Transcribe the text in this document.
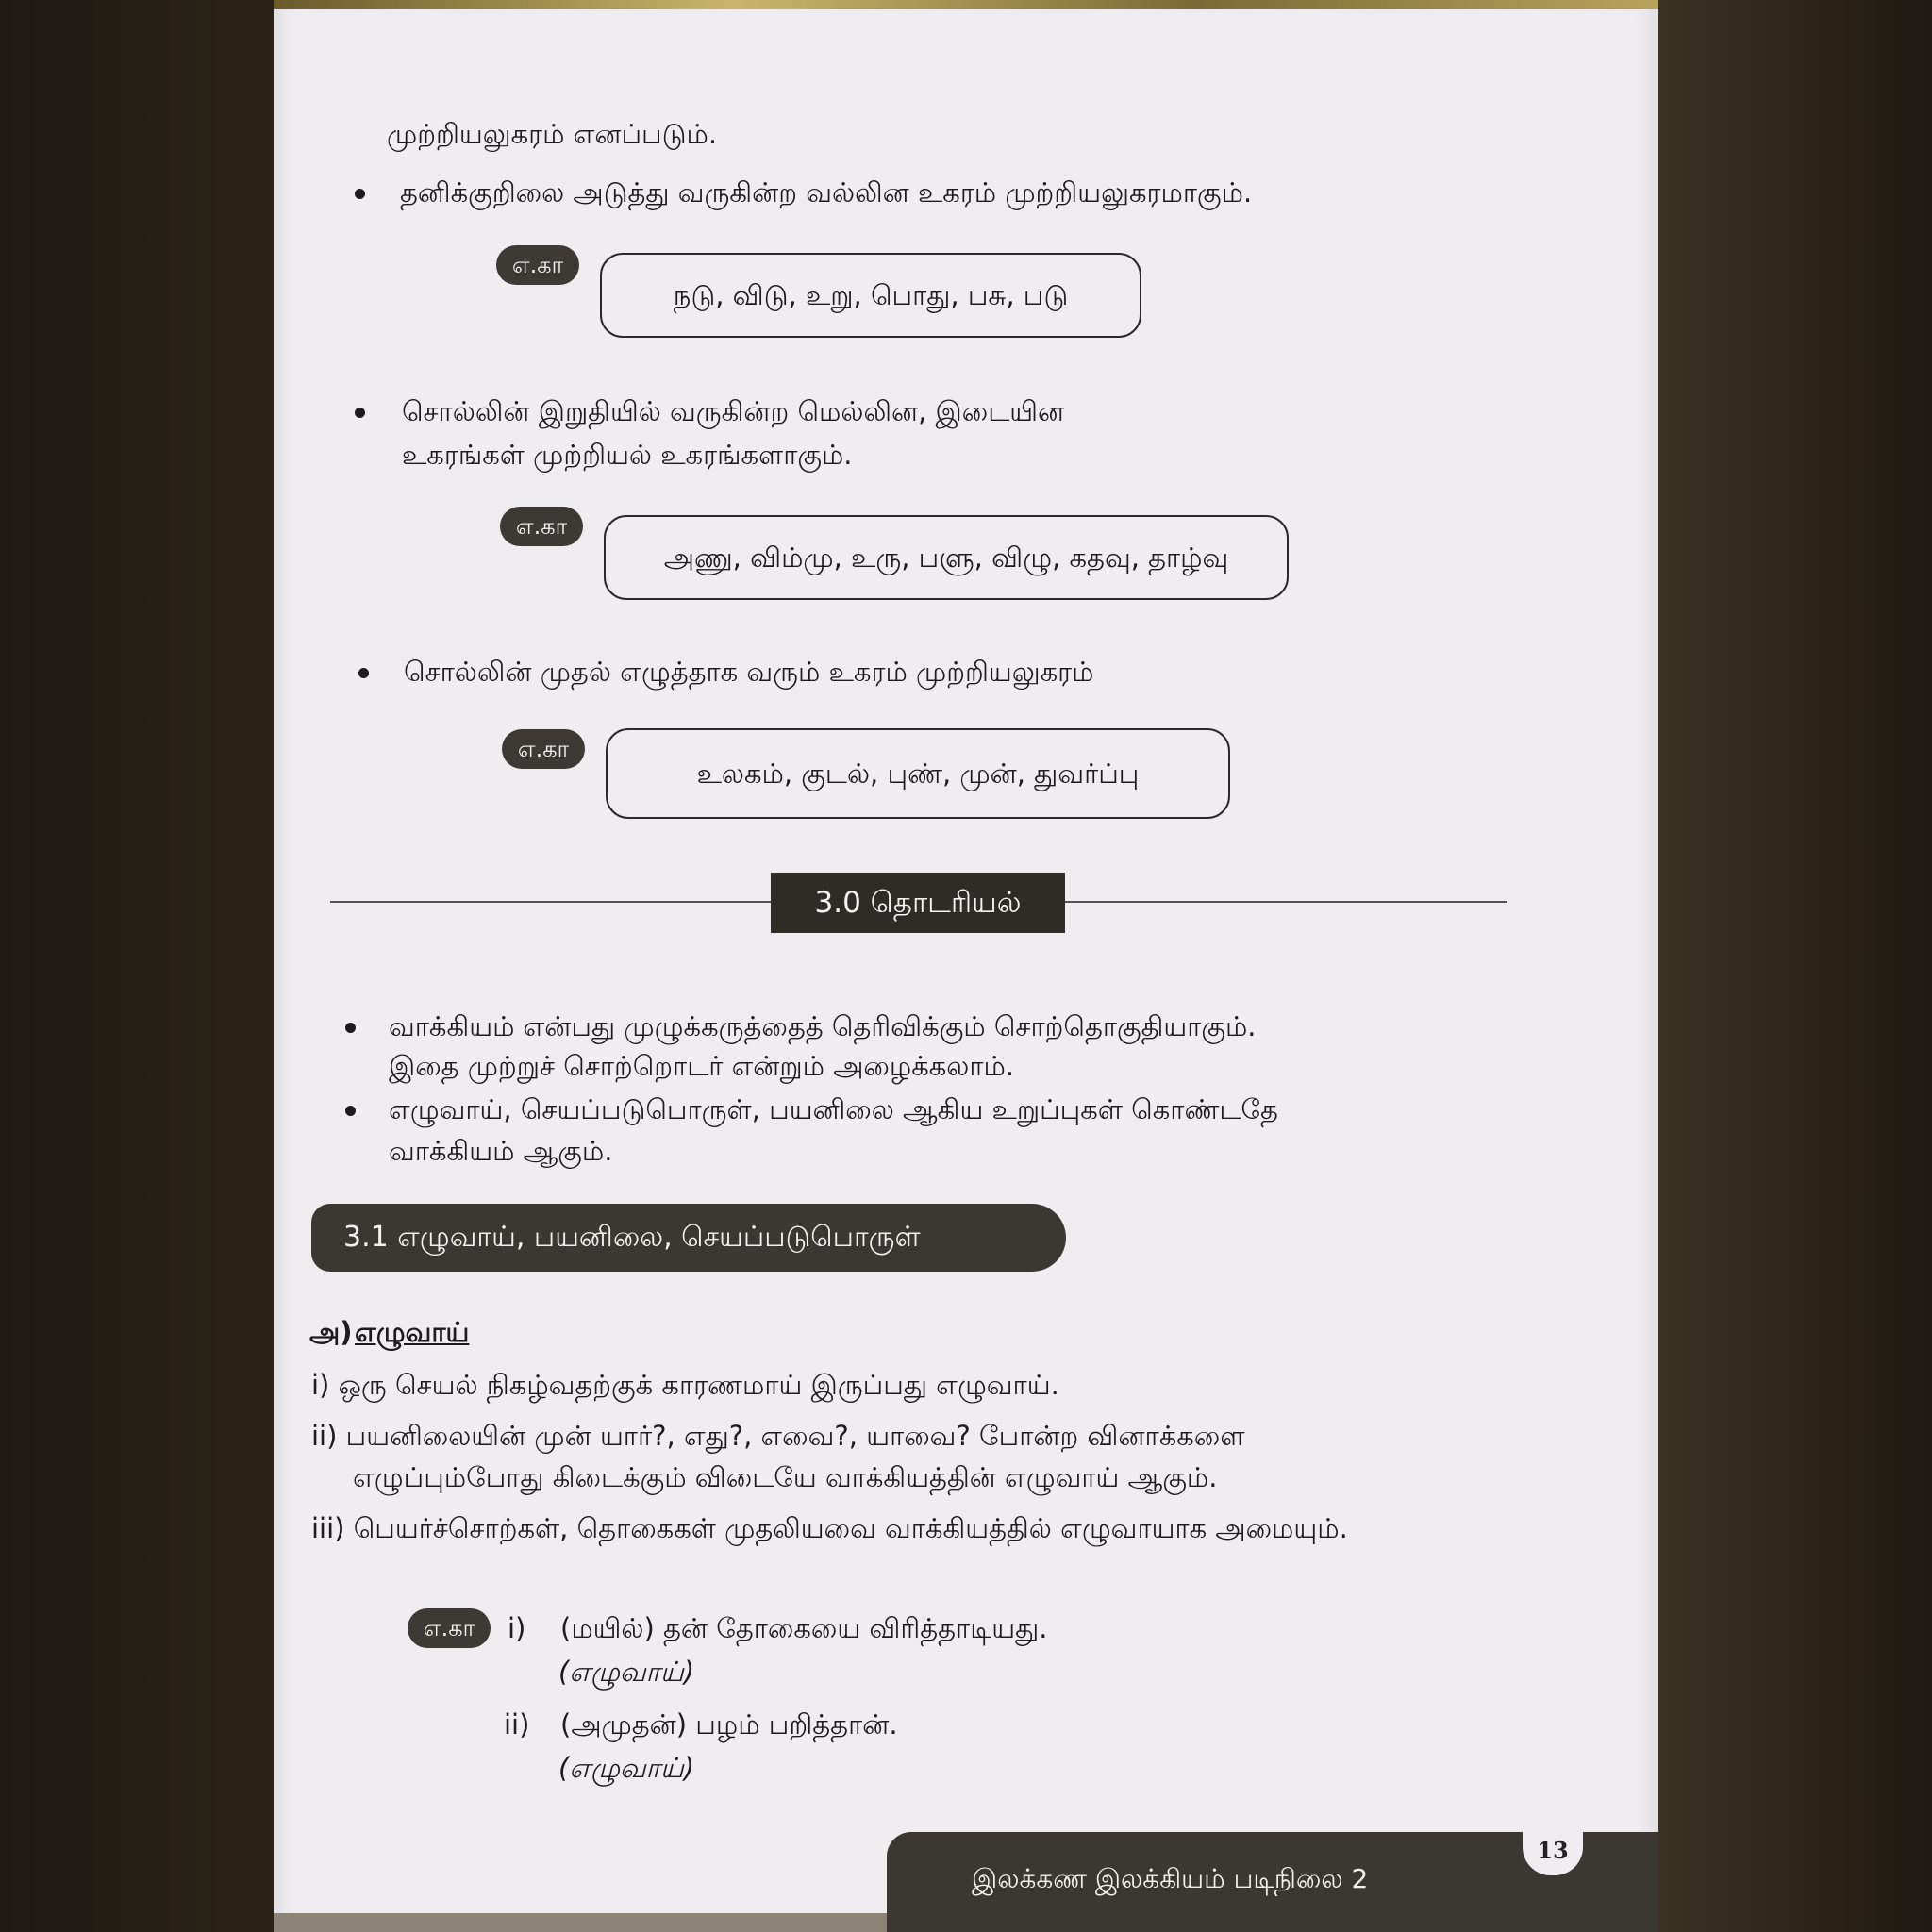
முற்றியலுகரம் எனப்படும்.
தனிக்குறிலை அடுத்து வருகின்ற வல்லின உகரம் முற்றியலுகரமாகும்.
எ.கா
நடு, விடு, உறு, பொது, பசு, படு
சொல்லின் இறுதியில் வருகின்ற மெல்லின, இடையின
உகரங்கள் முற்றியல் உகரங்களாகும்.
எ.கா
அணு, விம்மு, உரு, பளு, விழு, கதவு, தாழ்வு
சொல்லின் முதல் எழுத்தாக வரும் உகரம் முற்றியலுகரம்
எ.கா
உலகம், குடல், புண், முன், துவர்ப்பு
3.0 தொடரியல்
வாக்கியம் என்பது முழுக்கருத்தைத் தெரிவிக்கும் சொற்தொகுதியாகும்.
இதை முற்றுச் சொற்றொடர் என்றும் அழைக்கலாம்.
எழுவாய், செயப்படுபொருள், பயனிலை ஆகிய உறுப்புகள் கொண்டதே
வாக்கியம் ஆகும்.
3.1 எழுவாய், பயனிலை, செயப்படுபொருள்
அ) எழுவாய்
i) ஒரு செயல் நிகழ்வதற்குக் காரணமாய் இருப்பது எழுவாய்.
ii) பயனிலையின் முன் யார்?, எது?, எவை?, யாவை? போன்ற வினாக்களை
எழுப்பும்போது கிடைக்கும் விடையே வாக்கியத்தின் எழுவாய் ஆகும்.
iii) பெயர்ச்சொற்கள், தொகைகள் முதலியவை வாக்கியத்தில் எழுவாயாக அமையும்.
எ.கா	i) (மயில்) தன் தோகையை விரித்தாடியது.
(எழுவாய்)
ii) (அமுதன்) பழம் பறித்தான்.
(எழுவாய்)
இலக்கண இலக்கியம் படிநிலை 2
13
